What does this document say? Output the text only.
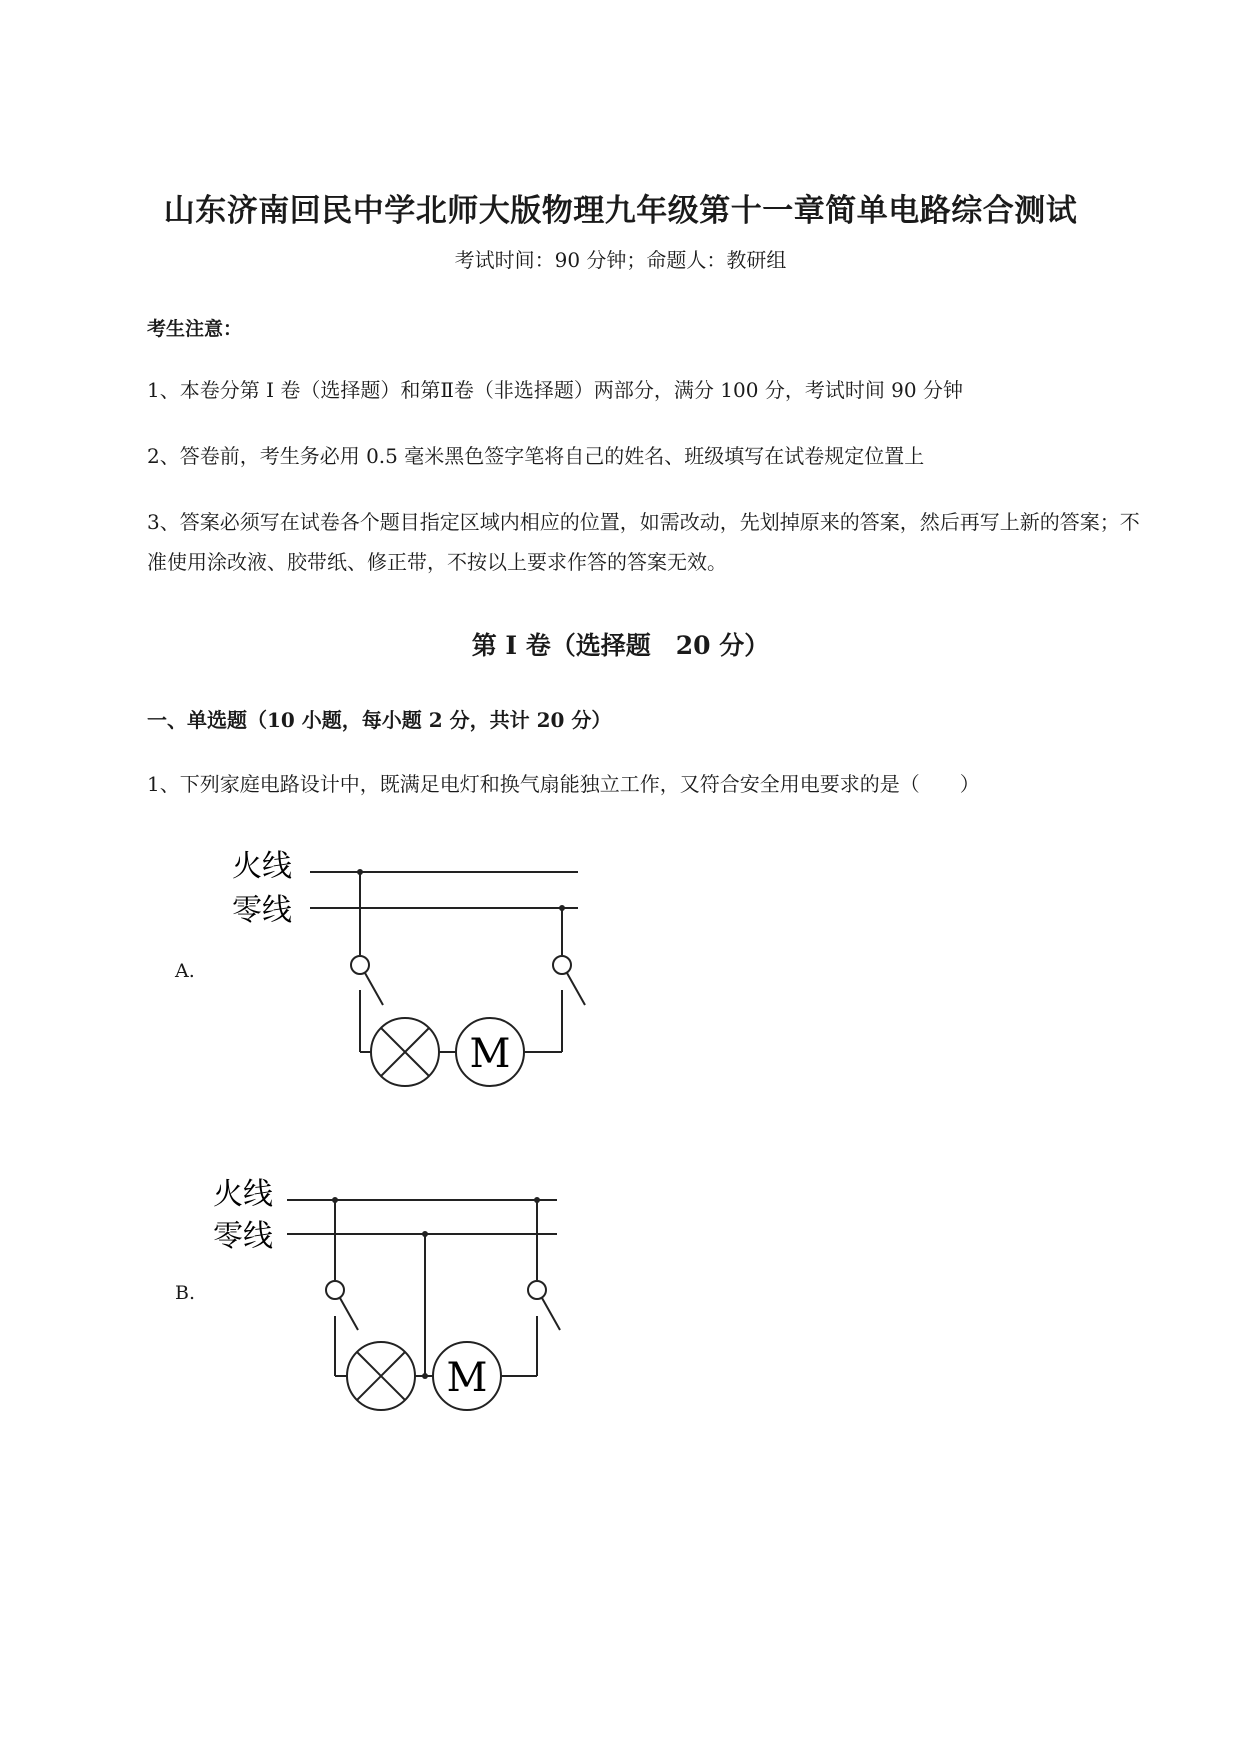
山东济南回民中学北师大版物理九年级第十一章简单电路综合测试
考试时间：90 分钟；命题人：教研组
考生注意：
1、本卷分第 I 卷（选择题）和第Ⅱ卷（非选择题）两部分，满分 100 分，考试时间 90 分钟
2、答卷前，考生务必用 0.5 毫米黑色签字笔将自己的姓名、班级填写在试卷规定位置上
3、答案必须写在试卷各个题目指定区域内相应的位置，如需改动，先划掉原来的答案，然后再写上新的答案；不准使用涂改液、胶带纸、修正带，不按以上要求作答的答案无效。
第 I 卷（选择题　20 分）
一、单选题（10 小题，每小题 2 分，共计 20 分）
1、下列家庭电路设计中，既满足电灯和换气扇能独立工作，又符合安全用电要求的是（　　）
A.
火线
零线
M
B.
火线
零线
M
